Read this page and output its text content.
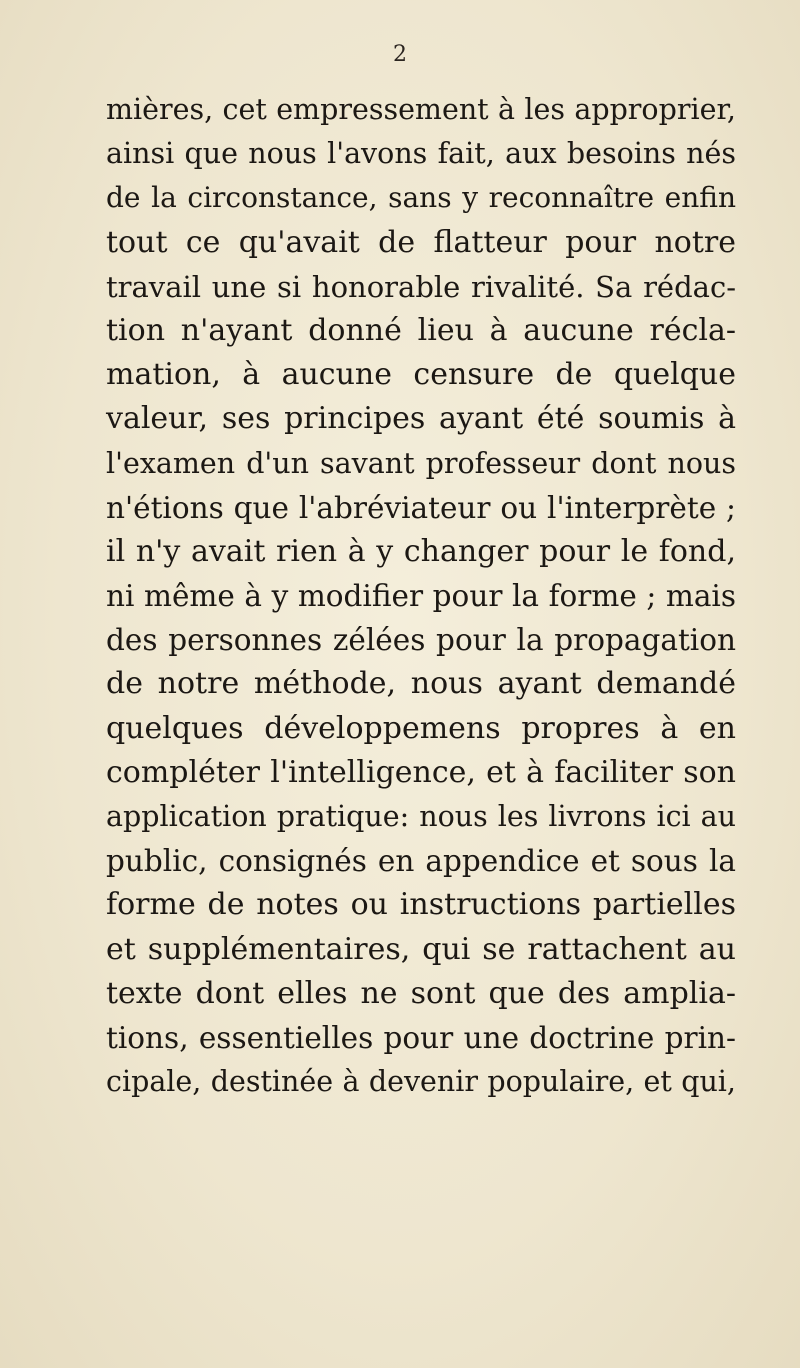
2
mières, cet empressement à les approprier,
ainsi que nous l'avons fait, aux besoins nés
de la circonstance, sans y reconnaître enfin
tout ce qu'avait de flatteur pour notre
travail une si honorable rivalité. Sa rédac-
tion n'ayant donné lieu à aucune récla-
mation, à aucune censure de quelque
valeur, ses principes ayant été soumis à
l'examen d'un savant professeur dont nous
n'étions que l'abréviateur ou l'interprète ;
il n'y avait rien à y changer pour le fond,
ni même à y modifier pour la forme ; mais
des personnes zélées pour la propagation
de notre méthode, nous ayant demandé
quelques développemens propres à en
compléter l'intelligence, et à faciliter son
application pratique: nous les livrons ici au
public, consignés en appendice et sous la
forme de notes ou instructions partielles
et supplémentaires, qui se rattachent au
texte dont elles ne sont que des amplia-
tions, essentielles pour une doctrine prin-
cipale, destinée à devenir populaire, et qui,
